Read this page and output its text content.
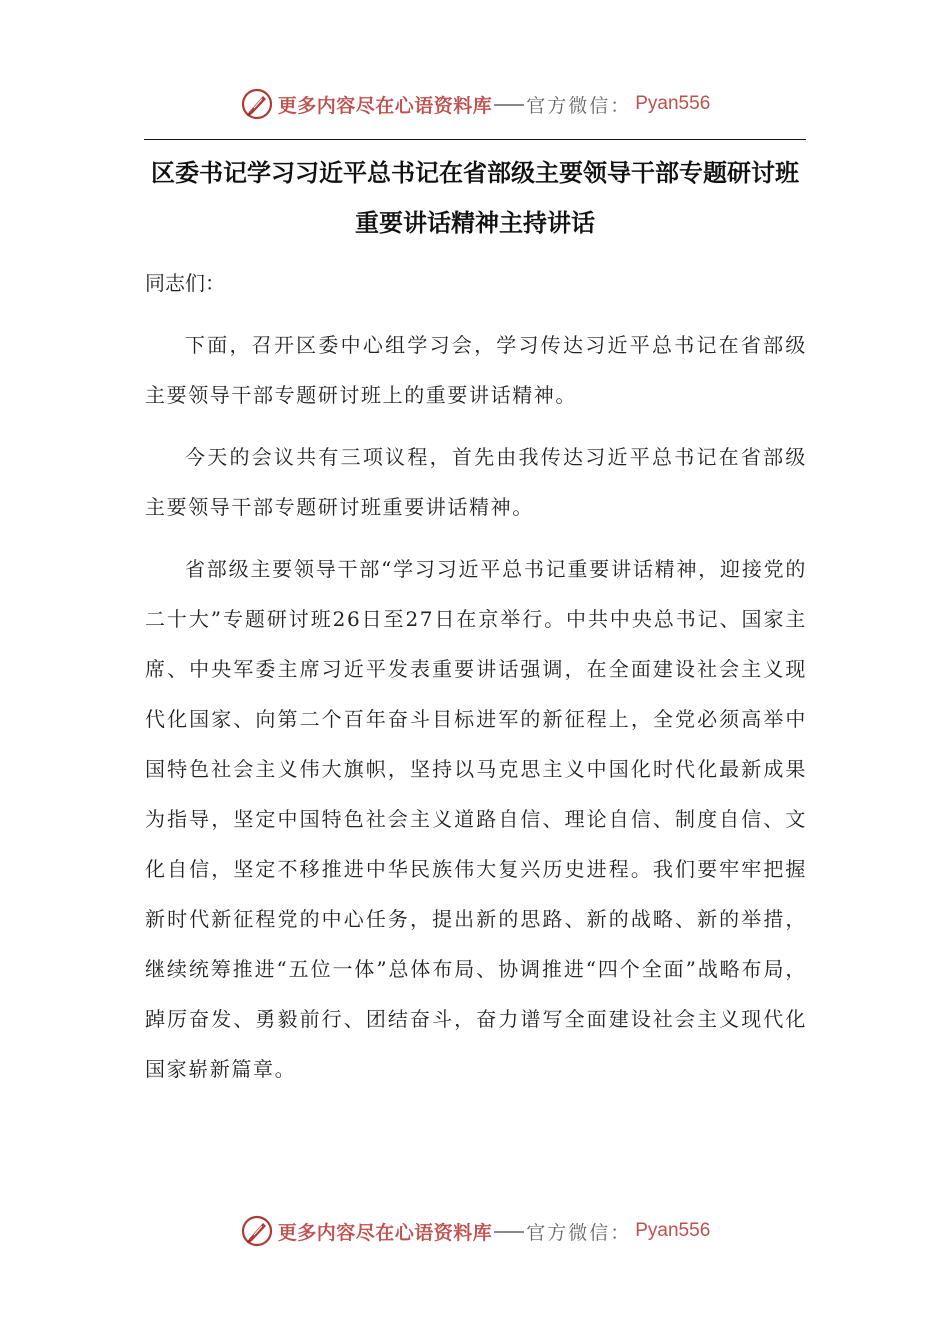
更多内容尽在心语资料库 官方微信： Pyan556
区委书记学习习近平总书记在省部级主要领导干部专题研讨班重要讲话精神主持讲话

同志们：

下面，召开区委中心组学习会，学习传达习近平总书记在省部级主要领导干部专题研讨班上的重要讲话精神。

今天的会议共有三项议程，首先由我传达习近平总书记在省部级主要领导干部专题研讨班重要讲话精神。

省部级主要领导干部“学习习近平总书记重要讲话精神，迎接党的二十大”专题研讨班26日至27日在京举行。中共中央总书记、国家主席、中央军委主席习近平发表重要讲话强调，在全面建设社会主义现代化国家、向第二个百年奋斗目标进军的新征程上，全党必须高举中国特色社会主义伟大旗帜，坚持以马克思主义中国化时代化最新成果为指导，坚定中国特色社会主义道路自信、理论自信、制度自信、文化自信，坚定不移推进中华民族伟大复兴历史进程。我们要牢牢把握新时代新征程党的中心任务，提出新的思路、新的战略、新的举措，继续统筹推进“五位一体”总体布局、协调推进“四个全面”战略布局，踔厉奋发、勇毅前行、团结奋斗，奋力谱写全面建设社会主义现代化国家崭新篇章。

更多内容尽在心语资料库 官方微信： Pyan556
